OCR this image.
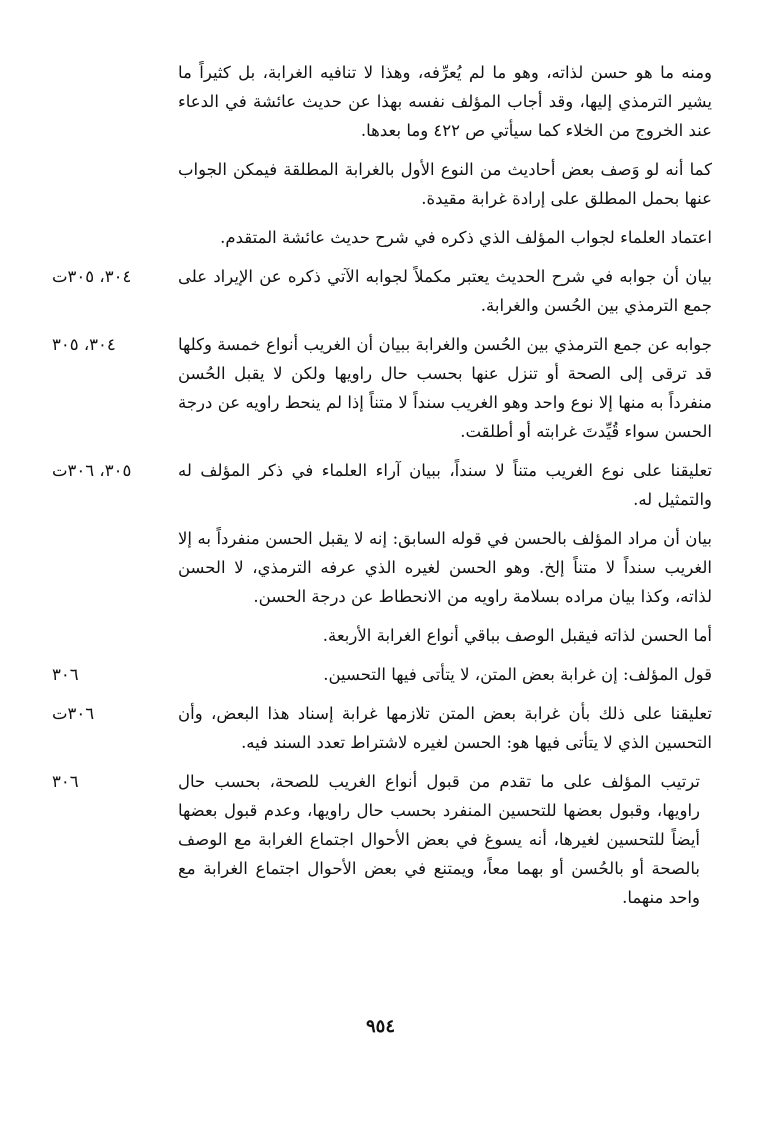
ومنه ما هو حسن لذاته، وهو ما لم يُعرِّفه، وهذا لا تنافيه الغرابة، بل كثيراً ما يشير الترمذي إليها، وقد أجاب المؤلف نفسه بهذا عن حديث عائشة في الدعاء عند الخروج من الخلاء كما سيأتي ص ٤٢٢ وما بعدها.
كما أنه لو وَصف بعض أحاديث من النوع الأول بالغرابة المطلقة فيمكن الجواب عنها بحمل المطلق على إرادة غرابة مقيدة.
اعتماد العلماء لجواب المؤلف الذي ذكره في شرح حديث عائشة المتقدم.
بيان أن جوابه في شرح الحديث يعتبر مكملاً لجوابه الآتي ذكره عن الإيراد على جمع الترمذي بين الحُسن والغرابة.
٣٠٤، ٣٠٥ت
جوابه عن جمع الترمذي بين الحُسن والغرابة ببيان أن الغريب أنواع خمسة وكلها قد ترقى إلى الصحة أو تنزل عنها بحسب حال راويها ولكن لا يقبل الحُسن منفرداً به منها إلا نوع واحد وهو الغريب سنداً لا متناً إذا لم ينحط راويه عن درجة الحسن سواء قُيِّدتَ غرابته أو أطلقت.
٣٠٤، ٣٠٥
تعليقنا على نوع الغريب متناً لا سنداً، ببيان آراء العلماء في ذكر المؤلف له والتمثيل له.
٣٠٥، ٣٠٦ت
بيان أن مراد المؤلف بالحسن في قوله السابق: إنه لا يقبل الحسن منفرداً به إلا الغريب سنداً لا متناً إلخ. وهو الحسن لغيره الذي عرفه الترمذي، لا الحسن لذاته، وكذا بيان مراده بسلامة راويه من الانحطاط عن درجة الحسن.
أما الحسن لذاته فيقبل الوصف بباقي أنواع الغرابة الأربعة.
قول المؤلف: إن غرابة بعض المتن، لا يتأتى فيها التحسين.
٣٠٦
تعليقنا على ذلك بأن غرابة بعض المتن تلازمها غرابة إسناد هذا البعض، وأن التحسين الذي لا يتأتى فيها هو: الحسن لغيره لاشتراط تعدد السند فيه.
٣٠٦ت
ترتيب المؤلف على ما تقدم من قبول أنواع الغريب للصحة، بحسب حال راويها، وقبول بعضها للتحسين المنفرد بحسب حال راويها، وعدم قبول بعضها أيضاً للتحسين لغيرها، أنه يسوغ في بعض الأحوال اجتماع الغرابة مع الوصف بالصحة أو بالحُسن أو بهما معاً، ويمتنع في بعض الأحوال اجتماع الغرابة مع واحد منهما.
٣٠٦
٩٥٤
